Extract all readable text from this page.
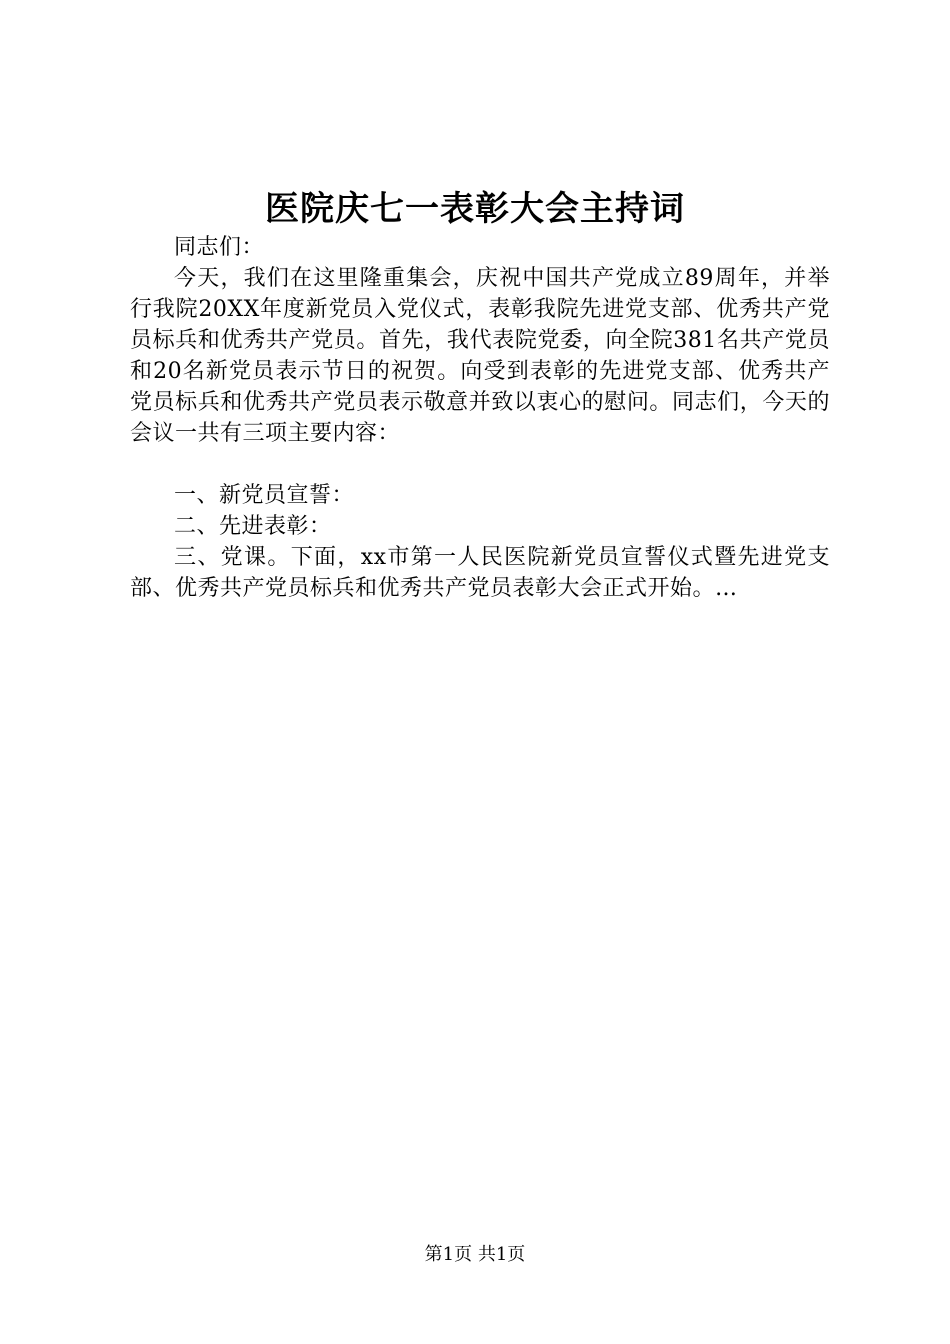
医院庆七一表彰大会主持词

同志们：

今天，我们在这里隆重集会，庆祝中国共产党成立89周年，并举行我院20XX年度新党员入党仪式，表彰我院先进党支部、优秀共产党员标兵和优秀共产党员。首先，我代表院党委，向全院381名共产党员和20名新党员表示节日的祝贺。向受到表彰的先进党支部、优秀共产党员标兵和优秀共产党员表示敬意并致以衷心的慰问。同志们，今天的会议一共有三项主要内容：

一、新党员宣誓：

二、先进表彰：

三、党课。下面，xx市第一人民医院新党员宣誓仪式暨先进党支部、优秀共产党员标兵和优秀共产党员表彰大会正式开始。…

第1页 共1页
